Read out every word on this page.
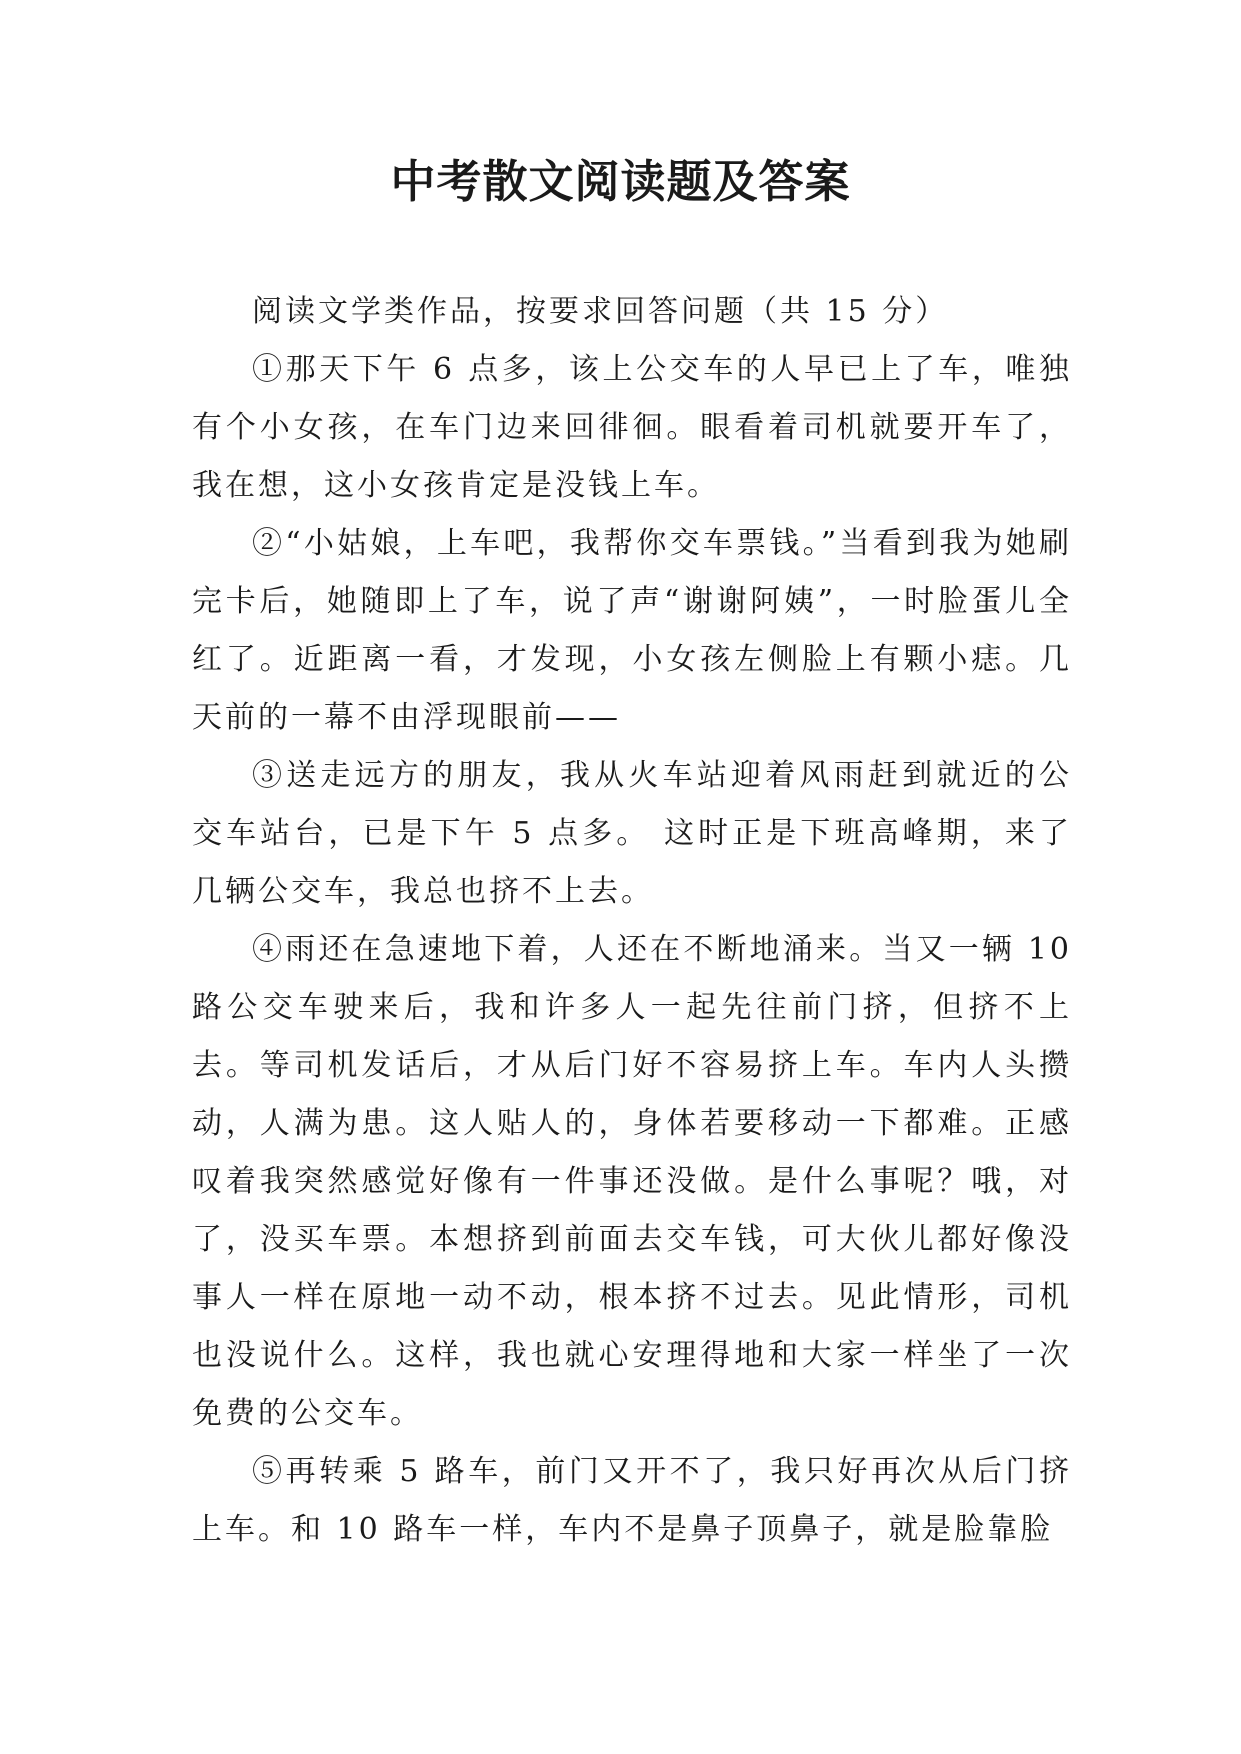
中考散文阅读题及答案

阅读文学类作品，按要求回答问题（共 15 分）

①那天下午 6 点多，该上公交车的人早已上了车，唯独有个小女孩，在车门边来回徘徊。眼看着司机就要开车了，我在想，这小女孩肯定是没钱上车。

②“小姑娘，上车吧，我帮你交车票钱。”当看到我为她刷完卡后，她随即上了车，说了声“谢谢阿姨”，一时脸蛋儿全红了。近距离一看，才发现，小女孩左侧脸上有颗小痣。几天前的一幕不由浮现眼前——

③送走远方的朋友，我从火车站迎着风雨赶到就近的公交车站台，已是下午 5 点多。 这时正是下班高峰期，来了几辆公交车，我总也挤不上去。

④雨还在急速地下着，人还在不断地涌来。当又一辆 10 路公交车驶来后，我和许多人一起先往前门挤，但挤不上去。等司机发话后，才从后门好不容易挤上车。车内人头攒动，人满为患。这人贴人的，身体若要移动一下都难。正感叹着我突然感觉好像有一件事还没做。是什么事呢？哦，对了，没买车票。本想挤到前面去交车钱，可大伙儿都好像没事人一样在原地一动不动，根本挤不过去。见此情形，司机也没说什么。这样，我也就心安理得地和大家一样坐了一次免费的公交车。

⑤再转乘 5 路车，前门又开不了，我只好再次从后门挤上车。和 10 路车一样，车内不是鼻子顶鼻子，就是脸靠脸
